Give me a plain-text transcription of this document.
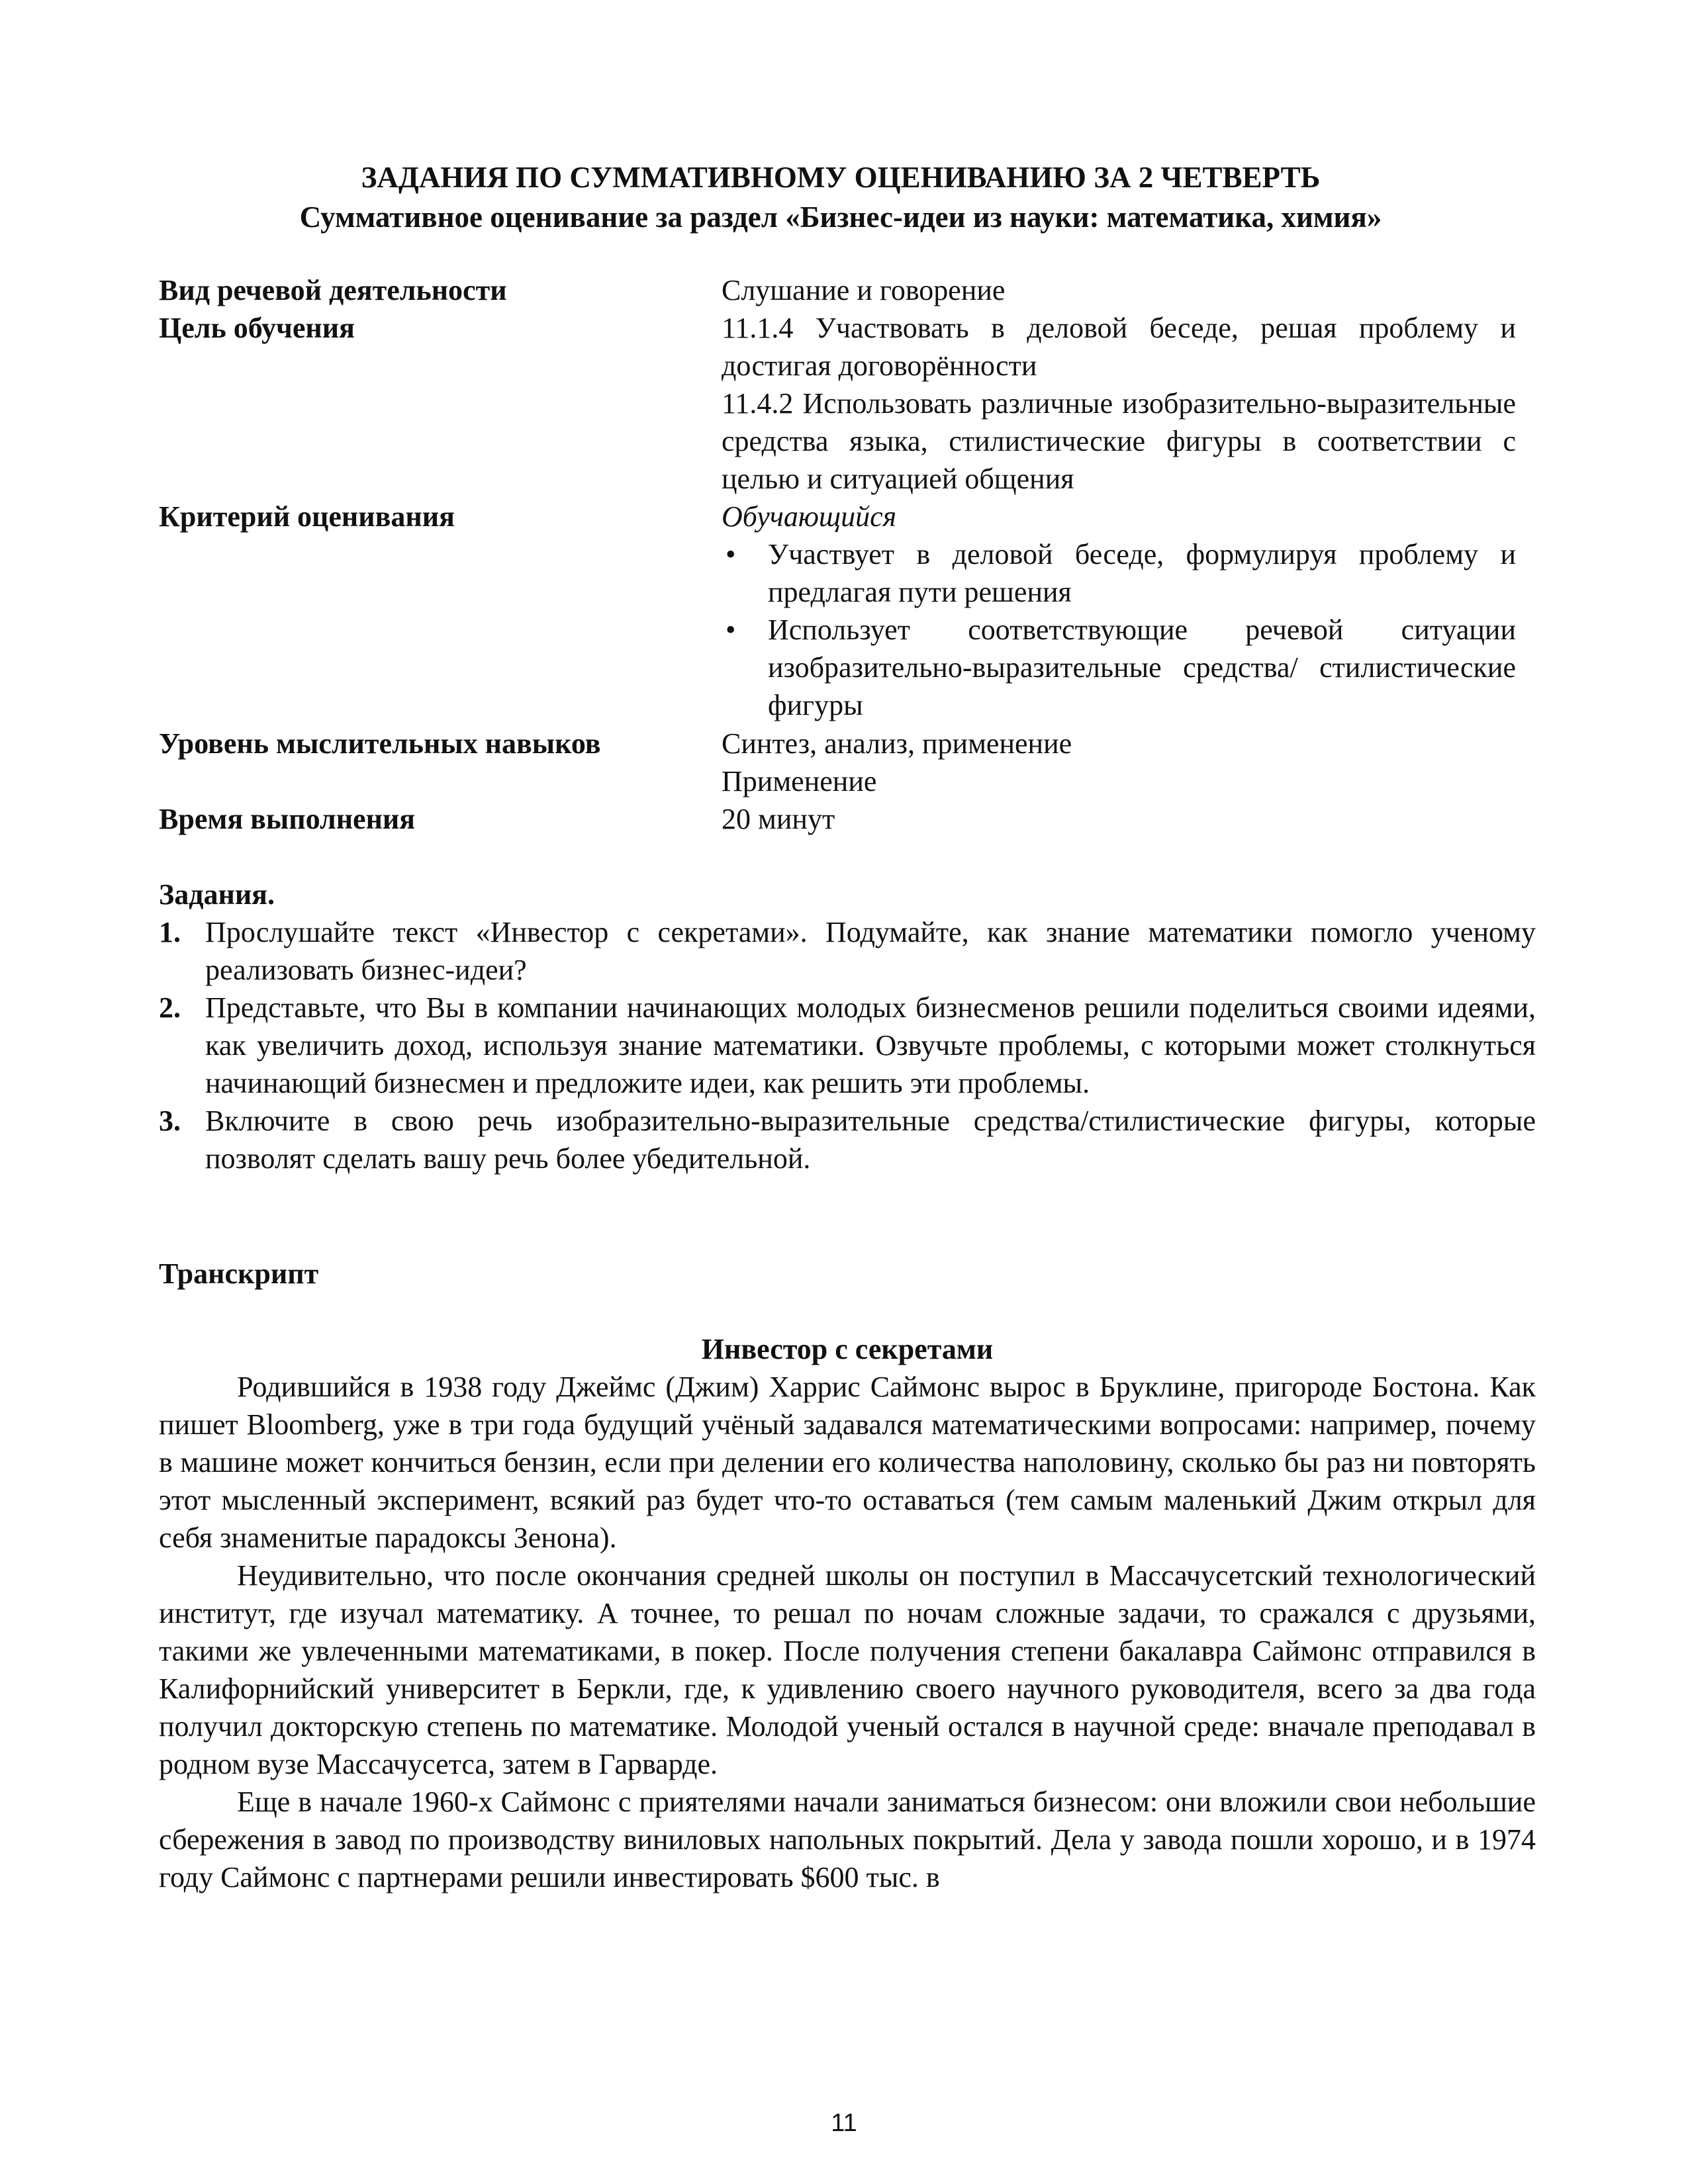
ЗАДАНИЯ ПО СУММАТИВНОМУ ОЦЕНИВАНИЮ ЗА 2 ЧЕТВЕРТЬ
Суммативное оценивание за раздел «Бизнес-идеи из науки: математика, химия»
Вид речевой деятельности	Слушание и говорение
Цель обучения	11.1.4 Участвовать в деловой беседе, решая проблему и достигая договорённости

11.4.2 Использовать различные изобразительно-выразительные средства языка, стилистические фигуры в соответствии с целью и ситуацией общения

Критерий оценивания	Обучающийся

• Участвует в деловой беседе, формулируя проблему и предлагая пути решения
• Использует соответствующие речевой ситуации изобразительно-выразительные средства/ стилистические фигуры
Уровень мыслительных навыков	Синтез, анализ, применение

Применение

Время выполнения	20 минут
Задания.
1. Прослушайте текст «Инвестор с секретами». Подумайте, как знание математики помогло ученому реализовать бизнес-идеи?
2. Представьте, что Вы в компании начинающих молодых бизнесменов решили поделиться своими идеями, как увеличить доход, используя знание математики. Озвучьте проблемы, с которыми может столкнуться начинающий бизнесмен и предложите идеи, как решить эти проблемы.
3. Включите в свою речь изобразительно-выразительные средства/стилистические фигуры, которые позволят сделать вашу речь более убедительной.
Транскрипт
Инвестор с секретами

Родившийся в 1938 году Джеймс (Джим) Харрис Саймонс вырос в Бруклине, пригороде Бостона. Как пишет Bloomberg, уже в три года будущий учёный задавался математическими вопросами: например, почему в машине может кончиться бензин, если при делении его количества наполовину, сколько бы раз ни повторять этот мысленный эксперимент, всякий раз будет что-то оставаться (тем самым маленький Джим открыл для себя знаменитые парадоксы Зенона).

Неудивительно, что после окончания средней школы он поступил в Массачусетский технологический институт, где изучал математику. А точнее, то решал по ночам сложные задачи, то сражался с друзьями, такими же увлеченными математиками, в покер. После получения степени бакалавра Саймонс отправился в Калифорнийский университет в Беркли, где, к удивлению своего научного руководителя, всего за два года получил докторскую степень по математике. Молодой ученый остался в научной среде: вначале преподавал в родном вузе Массачусетса, затем в Гарварде.

Еще в начале 1960-х Саймонс с приятелями начали заниматься бизнесом: они вложили свои небольшие сбережения в завод по производству виниловых напольных покрытий. Дела у завода пошли хорошо, и в 1974 году Саймонс с партнерами решили инвестировать $600 тыс. в

11
